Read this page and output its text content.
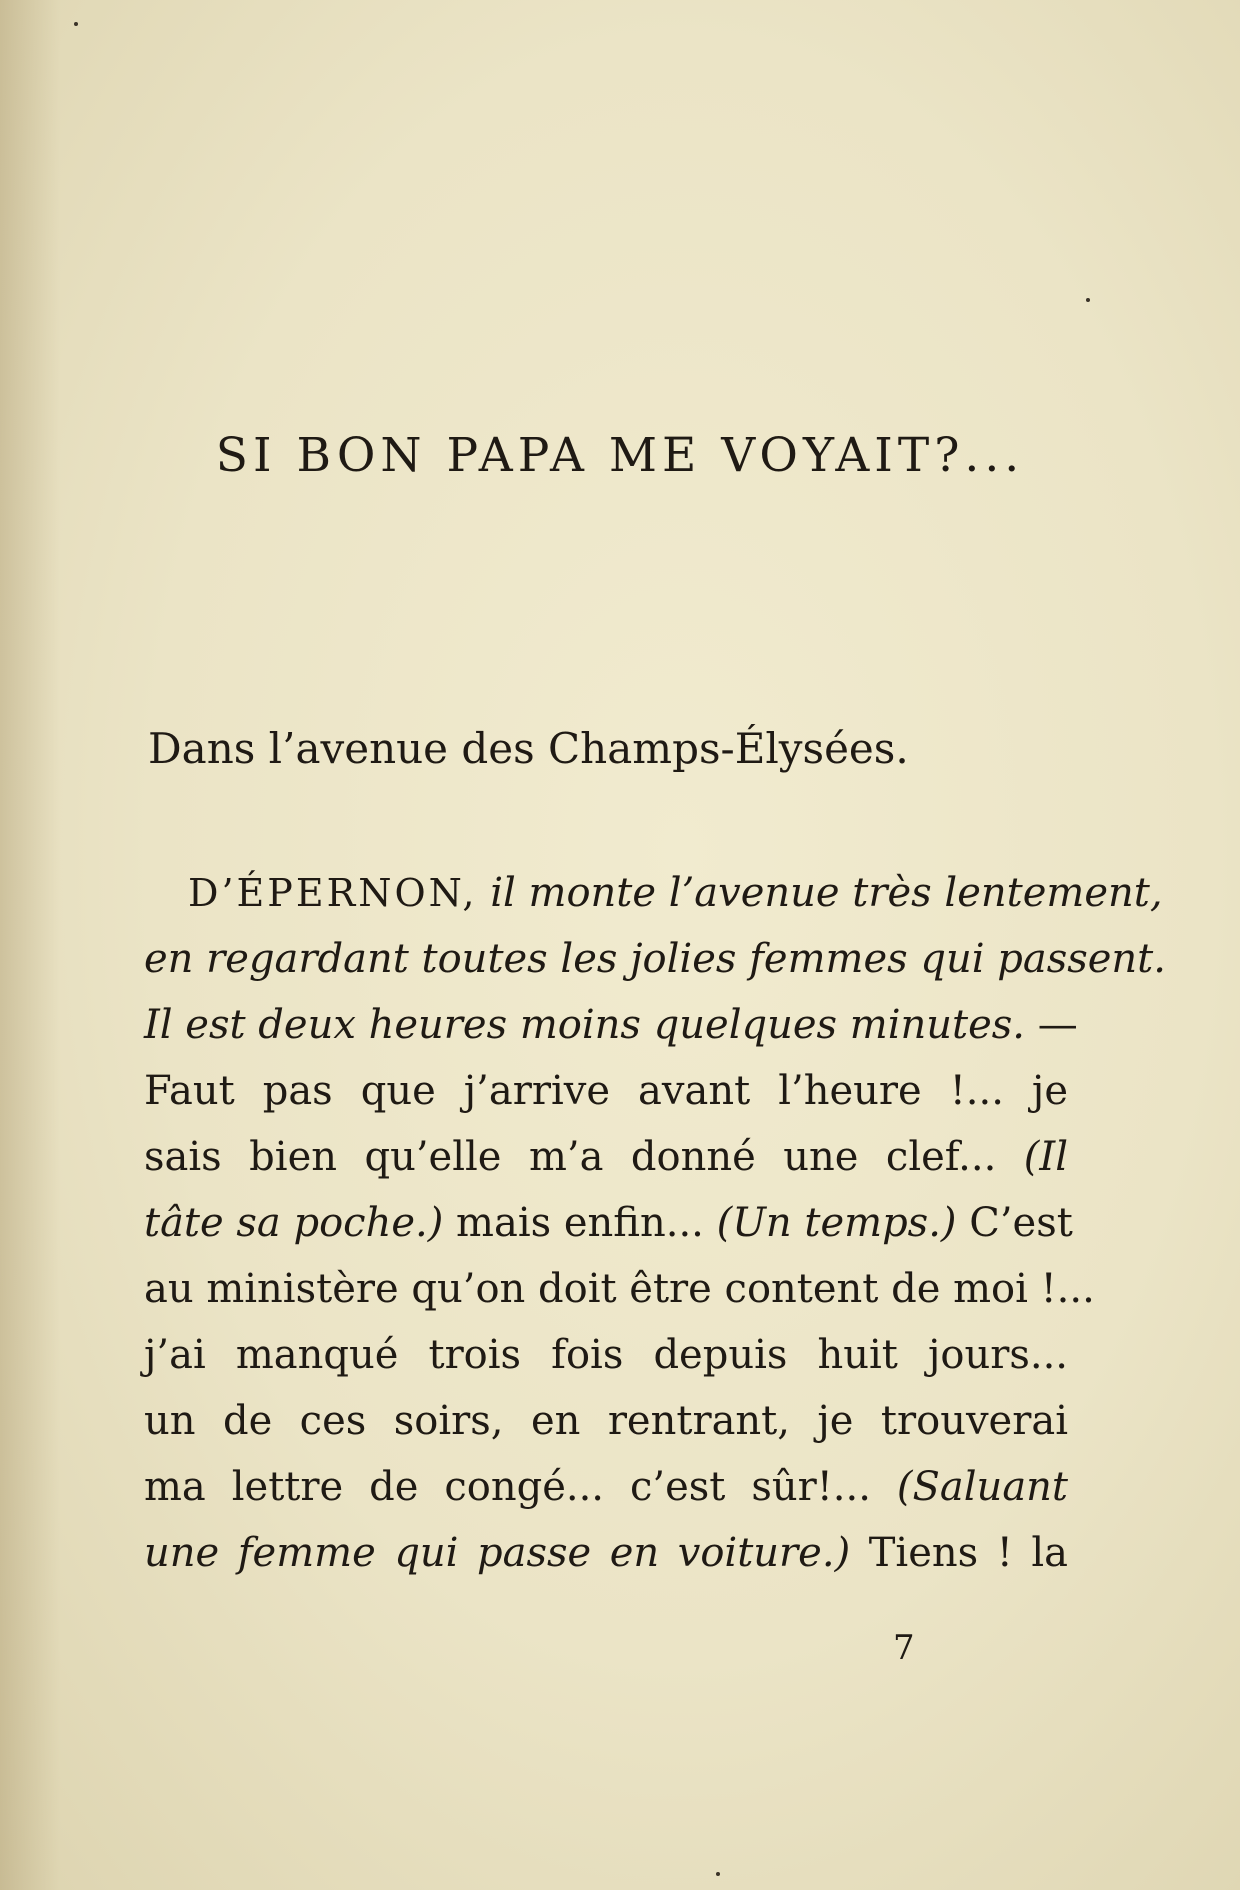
SI BON PAPA ME VOYAIT?...
Dans l’avenue des Champs-Élysées.
D’ÉPERNON, il monte l’avenue très lentement,
en regardant toutes les jolies femmes qui passent.
Il est deux heures moins quelques minutes. —
Faut pas que j’arrive avant l’heure !... je
sais bien qu’elle m’a donné une clef... (Il
tâte sa poche.) mais enfin... (Un temps.) C’est
au ministère qu’on doit être content de moi !...
j’ai manqué trois fois depuis huit jours...
un de ces soirs, en rentrant, je trouverai
ma lettre de congé... c’est sûr!... (Saluant
une femme qui passe en voiture.) Tiens ! la
7
